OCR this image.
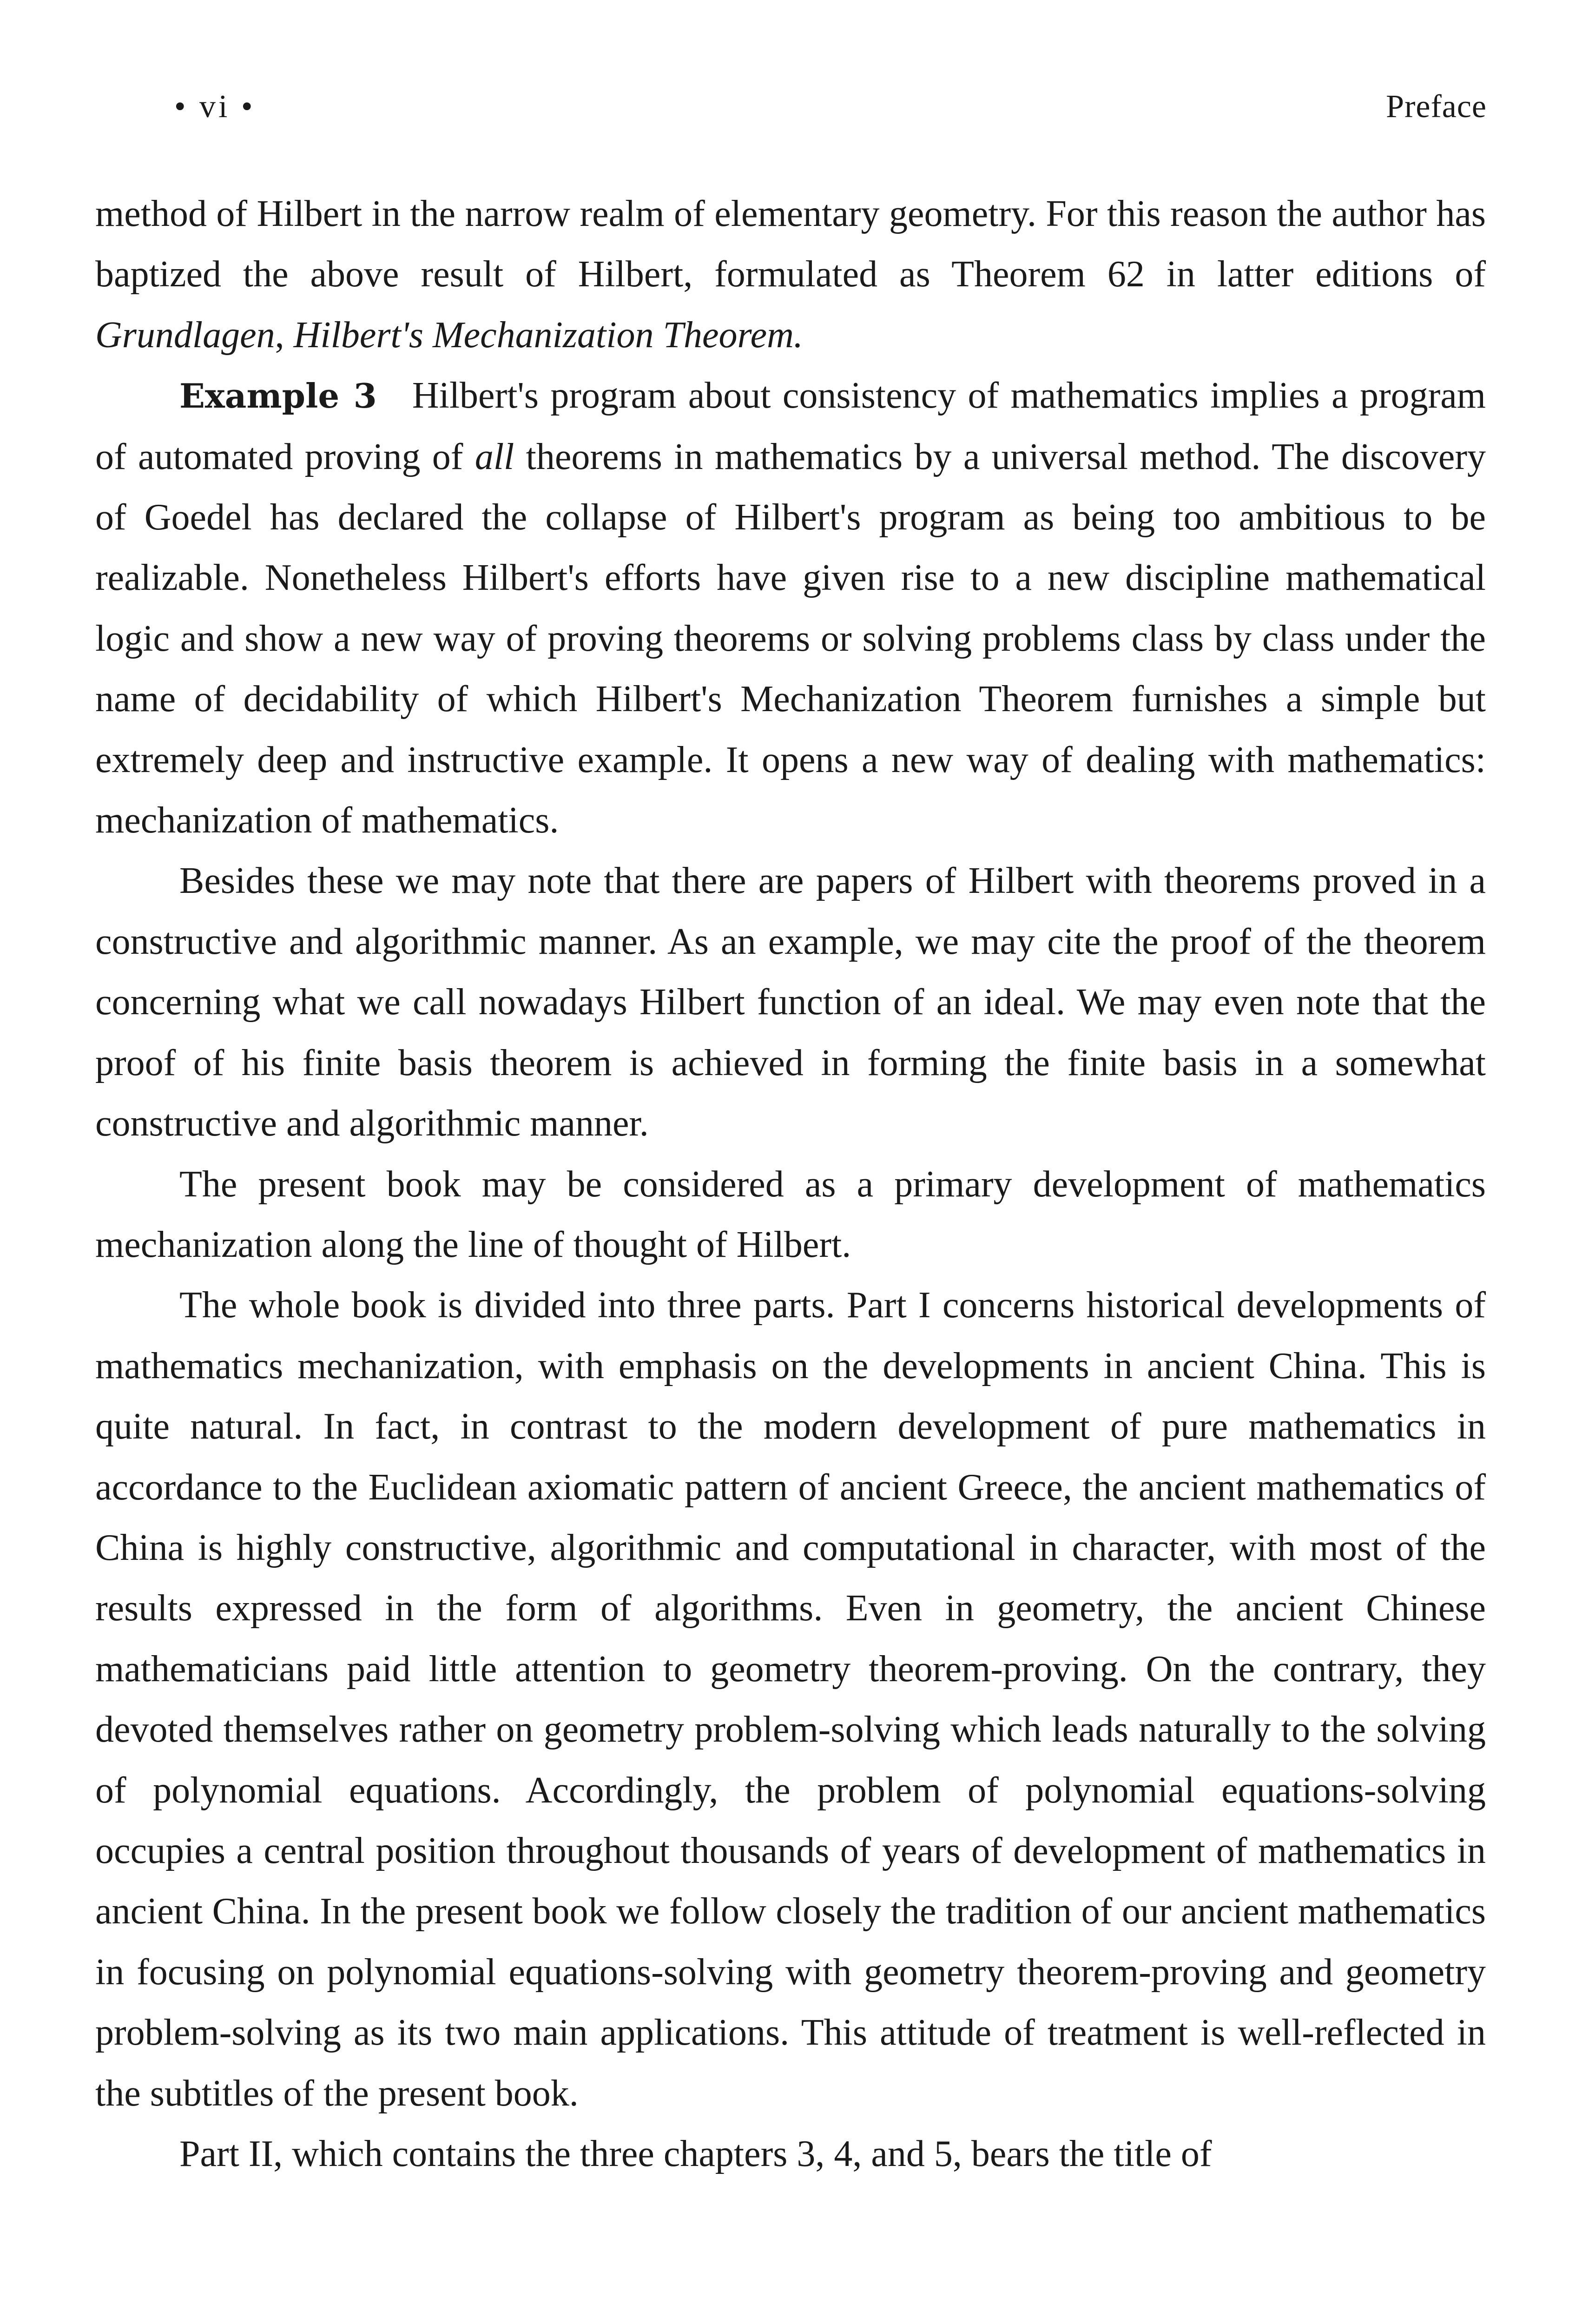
• vi •	Preface

method of Hilbert in the narrow realm of elementary geometry. For this reason the author has baptized the above result of Hilbert, formulated as Theorem 62 in latter editions of Grundlagen, Hilbert's Mechanization Theorem.

Example 3 Hilbert's program about consistency of mathematics implies a program of automated proving of all theorems in mathematics by a universal method. The discovery of Goedel has declared the collapse of Hilbert's program as being too ambitious to be realizable. Nonetheless Hilbert's efforts have given rise to a new discipline mathematical logic and show a new way of proving theorems or solving problems class by class under the name of decidability of which Hilbert's Mechanization Theorem furnishes a simple but extremely deep and instructive example. It opens a new way of dealing with mathematics: mechanization of mathematics.

Besides these we may note that there are papers of Hilbert with theorems proved in a constructive and algorithmic manner. As an example, we may cite the proof of the theorem concerning what we call nowadays Hilbert function of an ideal. We may even note that the proof of his finite basis theorem is achieved in forming the finite basis in a somewhat constructive and algorithmic manner.

The present book may be considered as a primary development of mathematics mechanization along the line of thought of Hilbert.

The whole book is divided into three parts. Part I concerns historical developments of mathematics mechanization, with emphasis on the developments in ancient China. This is quite natural. In fact, in contrast to the modern development of pure mathematics in accordance to the Euclidean axiomatic pattern of ancient Greece, the ancient mathematics of China is highly constructive, algorithmic and computational in character, with most of the results expressed in the form of algorithms. Even in geometry, the ancient Chinese mathematicians paid little attention to geometry theorem-proving. On the contrary, they devoted themselves rather on geometry problem-solving which leads naturally to the solving of polynomial equations. Accordingly, the problem of polynomial equations-solving occupies a central position throughout thousands of years of development of mathematics in ancient China. In the present book we follow closely the tradition of our ancient mathematics in focusing on polynomial equations-solving with geometry theorem-proving and geometry problem-solving as its two main applications. This attitude of treatment is well-reflected in the subtitles of the present book.

Part II, which contains the three chapters 3, 4, and 5, bears the title of
